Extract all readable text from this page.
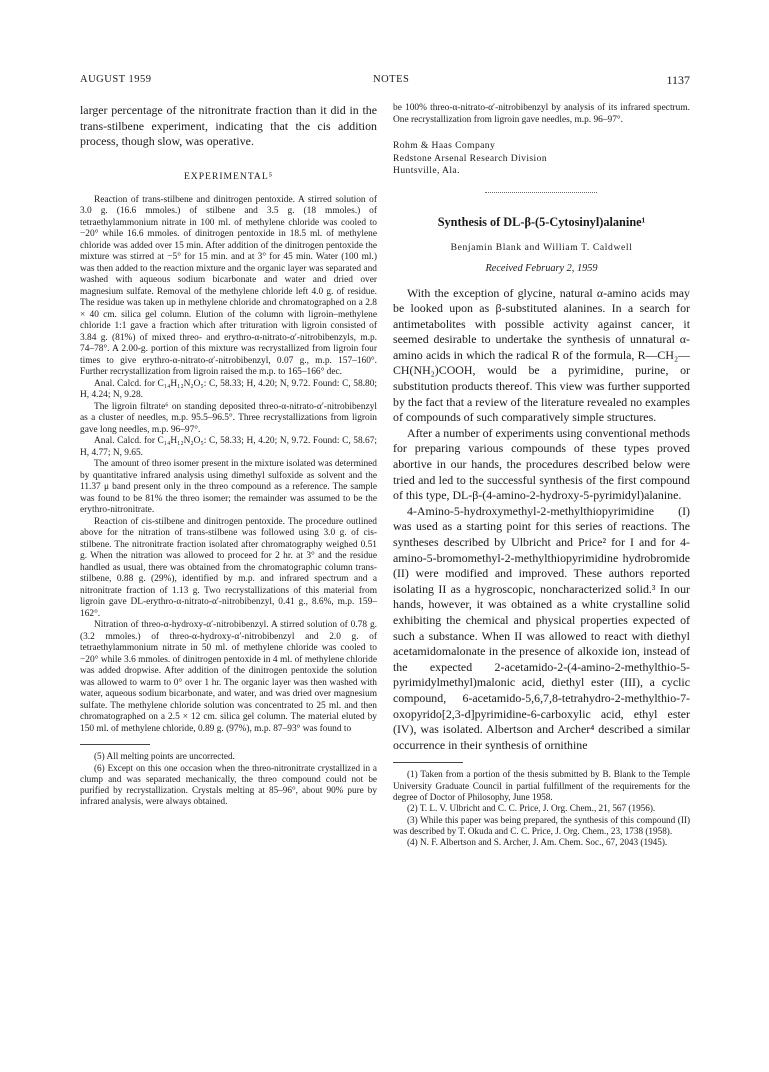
AUGUST 1959	NOTES	1137

larger percentage of the nitronitrate fraction than it did in the trans-stilbene experiment, indicating that the cis addition process, though slow, was operative.

EXPERIMENTAL⁵

Reaction of trans-stilbene and dinitrogen pentoxide. A stirred solution of 3.0 g. (16.6 mmoles.) of stilbene and 3.5 g. (18 mmoles.) of tetraethylammonium nitrate in 100 ml. of methylene chloride was cooled to −20° while 16.6 mmoles. of dinitrogen pentoxide in 18.5 ml. of methylene chloride was added over 15 min. After addition of the dinitrogen pentoxide the mixture was stirred at −5° for 15 min. and at 3° for 45 min. Water (100 ml.) was then added to the reaction mixture and the organic layer was separated and washed with aqueous sodium bicarbonate and water and dried over magnesium sulfate. Removal of the methylene chloride left 4.0 g. of residue. The residue was taken up in methylene chloride and chromatographed on a 2.8 × 40 cm. silica gel column. Elution of the column with ligroin–methylene chloride 1:1 gave a fraction which after trituration with ligroin consisted of 3.84 g. (81%) of mixed threo- and erythro-α-nitrato-α′-nitrobibenzyls, m.p. 74–78°. A 2.00-g. portion of this mixture was recrystallized from ligroin four times to give erythro-α-nitrato-α′-nitrobibenzyl, 0.07 g., m.p. 157–160°. Further recrystallization from ligroin raised the m.p. to 165–166° dec.

Anal. Calcd. for C₁₄H₁₂N₂O₅: C, 58.33; H, 4.20; N, 9.72. Found: C, 58.80; H, 4.24; N, 9.28.

The ligroin filtrate⁶ on standing deposited threo-α-nitrato-α′-nitrobibenzyl as a cluster of needles, m.p. 95.5–96.5°. Three recrystallizations from ligroin gave long needles, m.p. 96–97°.

Anal. Calcd. for C₁₄H₁₂N₂O₅: C, 58.33; H, 4.20; N, 9.72. Found: C, 58.67; H, 4.77; N, 9.65.

The amount of threo isomer present in the mixture isolated was determined by quantitative infrared analysis using dimethyl sulfoxide as solvent and the 11.37 μ band present only in the threo compound as a reference. The sample was found to be 81% the threo isomer; the remainder was assumed to be the erythro-nitronitrate.

Reaction of cis-stilbene and dinitrogen pentoxide. The procedure outlined above for the nitration of trans-stilbene was followed using 3.0 g. of cis-stilbene. The nitronitrate fraction isolated after chromatography weighed 0.51 g. When the nitration was allowed to proceed for 2 hr. at 3° and the residue handled as usual, there was obtained from the chromatographic column trans-stilbene, 0.88 g. (29%), identified by m.p. and infrared spectrum and a nitronitrate fraction of 1.13 g. Two recrystallizations of this material from ligroin gave DL-erythro-α-nitrato-α′-nitrobibenzyl, 0.41 g., 8.6%, m.p. 159–162°.

Nitration of threo-α-hydroxy-α′-nitrobibenzyl. A stirred solution of 0.78 g. (3.2 mmoles.) of threo-α-hydroxy-α′-nitrobibenzyl and 2.0 g. of tetraethylammonium nitrate in 50 ml. of methylene chloride was cooled to −20° while 3.6 mmoles. of dinitrogen pentoxide in 4 ml. of methylene chloride was added dropwise. After addition of the dinitrogen pentoxide the solution was allowed to warm to 0° over 1 hr. The organic layer was then washed with water, aqueous sodium bicarbonate, and water, and was dried over magnesium sulfate. The methylene chloride solution was concentrated to 25 ml. and then chromatographed on a 2.5 × 12 cm. silica gel column. The material eluted by 150 ml. of methylene chloride, 0.89 g. (97%), m.p. 87–93° was found to

(5) All melting points are uncorrected.

(6) Except on this one occasion when the threo-nitronitrate crystallized in a clump and was separated mechanically, the threo compound could not be purified by recrystallization. Crystals melting at 85–96°, about 90% pure by infrared analysis, were always obtained.

be 100% threo-α-nitrato-α′-nitrobibenzyl by analysis of its infrared spectrum. One recrystallization from ligroin gave needles, m.p. 96–97°.

Rohm & Haas Company
Redstone Arsenal Research Division
Huntsville, Ala.
Synthesis of DL-β-(5-Cytosinyl)alanine¹
Benjamin Blank and William T. Caldwell
Received February 2, 1959

With the exception of glycine, natural α-amino acids may be looked upon as β-substituted alanines. In a search for antimetabolites with possible activity against cancer, it seemed desirable to undertake the synthesis of unnatural α-amino acids in which the radical R of the formula, R—CH₂—CH(NH₂)COOH, would be a pyrimidine, purine, or substitution products thereof. This view was further supported by the fact that a review of the literature revealed no examples of compounds of such comparatively simple structures.

After a number of experiments using conventional methods for preparing various compounds of these types proved abortive in our hands, the procedures described below were tried and led to the successful synthesis of the first compound of this type, DL-β-(4-amino-2-hydroxy-5-pyrimidyl)alanine.

4-Amino-5-hydroxymethyl-2-methylthiopyrimidine (I) was used as a starting point for this series of reactions. The syntheses described by Ulbricht and Price² for I and for 4-amino-5-bromomethyl-2-methylthiopyrimidine hydrobromide (II) were modified and improved. These authors reported isolating II as a hygroscopic, noncharacterized solid.³ In our hands, however, it was obtained as a white crystalline solid exhibiting the chemical and physical properties expected of such a substance. When II was allowed to react with diethyl acetamidomalonate in the presence of alkoxide ion, instead of the expected 2-acetamido-2-(4-amino-2-methylthio-5-pyrimidylmethyl)malonic acid, diethyl ester (III), a cyclic compound, 6-acetamido-5,6,7,8-tetrahydro-2-methylthio-7-oxopyrido[2,3-d]pyrimidine-6-carboxylic acid, ethyl ester (IV), was isolated. Albertson and Archer⁴ described a similar occurrence in their synthesis of ornithine

(1) Taken from a portion of the thesis submitted by B. Blank to the Temple University Graduate Council in partial fulfillment of the requirements for the degree of Doctor of Philosophy, June 1958.

(2) T. L. V. Ulbricht and C. C. Price, J. Org. Chem., 21, 567 (1956).

(3) While this paper was being prepared, the synthesis of this compound (II) was described by T. Okuda and C. C. Price, J. Org. Chem., 23, 1738 (1958).

(4) N. F. Albertson and S. Archer, J. Am. Chem. Soc., 67, 2043 (1945).
